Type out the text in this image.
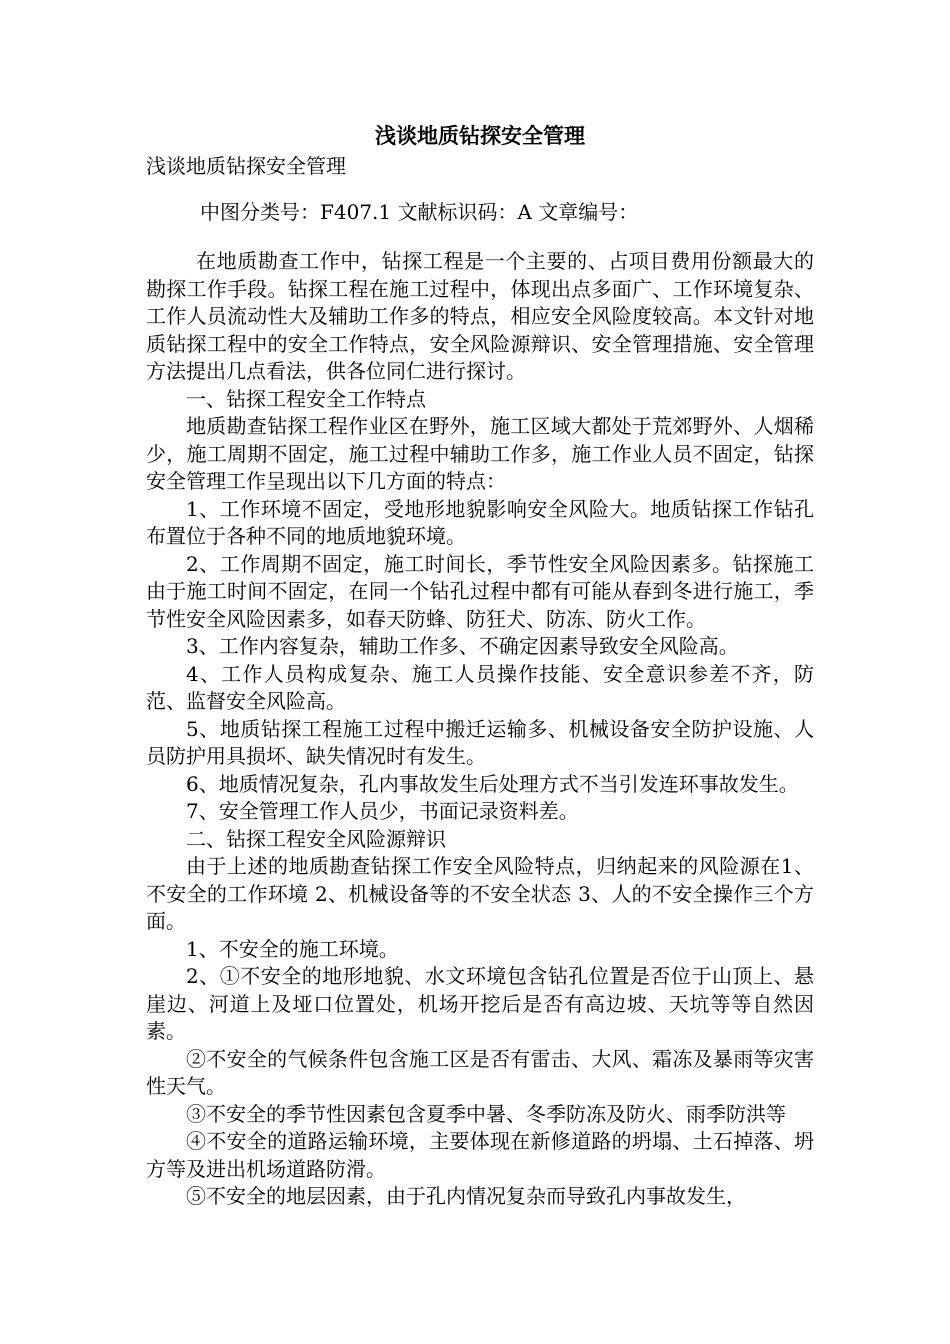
浅谈地质钻探安全管理

浅谈地质钻探安全管理

中图分类号：F407.1 文献标识码：A 文章编号：

在地质勘查工作中，钻探工程是一个主要的、占项目费用份额最大的勘探工作手段。钻探工程在施工过程中，体现出点多面广、工作环境复杂、工作人员流动性大及辅助工作多的特点，相应安全风险度较高。本文针对地质钻探工程中的安全工作特点，安全风险源辩识、安全管理措施、安全管理方法提出几点看法，供各位同仁进行探讨。

一、钻探工程安全工作特点

地质勘查钻探工程作业区在野外，施工区域大都处于荒郊野外、人烟稀少，施工周期不固定，施工过程中辅助工作多，施工作业人员不固定，钻探安全管理工作呈现出以下几方面的特点：

1、工作环境不固定，受地形地貌影响安全风险大。地质钻探工作钻孔布置位于各种不同的地质地貌环境。

2、工作周期不固定，施工时间长，季节性安全风险因素多。钻探施工由于施工时间不固定，在同一个钻孔过程中都有可能从春到冬进行施工，季节性安全风险因素多，如春天防蜂、防狂犬、防冻、防火工作。

3、工作内容复杂，辅助工作多、不确定因素导致安全风险高。

4、工作人员构成复杂、施工人员操作技能、安全意识参差不齐，防范、监督安全风险高。

5、地质钻探工程施工过程中搬迁运输多、机械设备安全防护设施、人员防护用具损坏、缺失情况时有发生。

6、地质情况复杂，孔内事故发生后处理方式不当引发连环事故发生。

7、安全管理工作人员少，书面记录资料差。

二、钻探工程安全风险源辩识

由于上述的地质勘查钻探工作安全风险特点，归纳起来的风险源在1、不安全的工作环境 2、机械设备等的不安全状态 3、人的不安全操作三个方面。

1、不安全的施工环境。

2、①不安全的地形地貌、水文环境包含钻孔位置是否位于山顶上、悬崖边、河道上及垭口位置处，机场开挖后是否有高边坡、天坑等等自然因素。

②不安全的气候条件包含施工区是否有雷击、大风、霜冻及暴雨等灾害性天气。

③不安全的季节性因素包含夏季中暑、冬季防冻及防火、雨季防洪等

④不安全的道路运输环境，主要体现在新修道路的坍塌、土石掉落、坍方等及进出机场道路防滑。

⑤不安全的地层因素，由于孔内情况复杂而导致孔内事故发生，
